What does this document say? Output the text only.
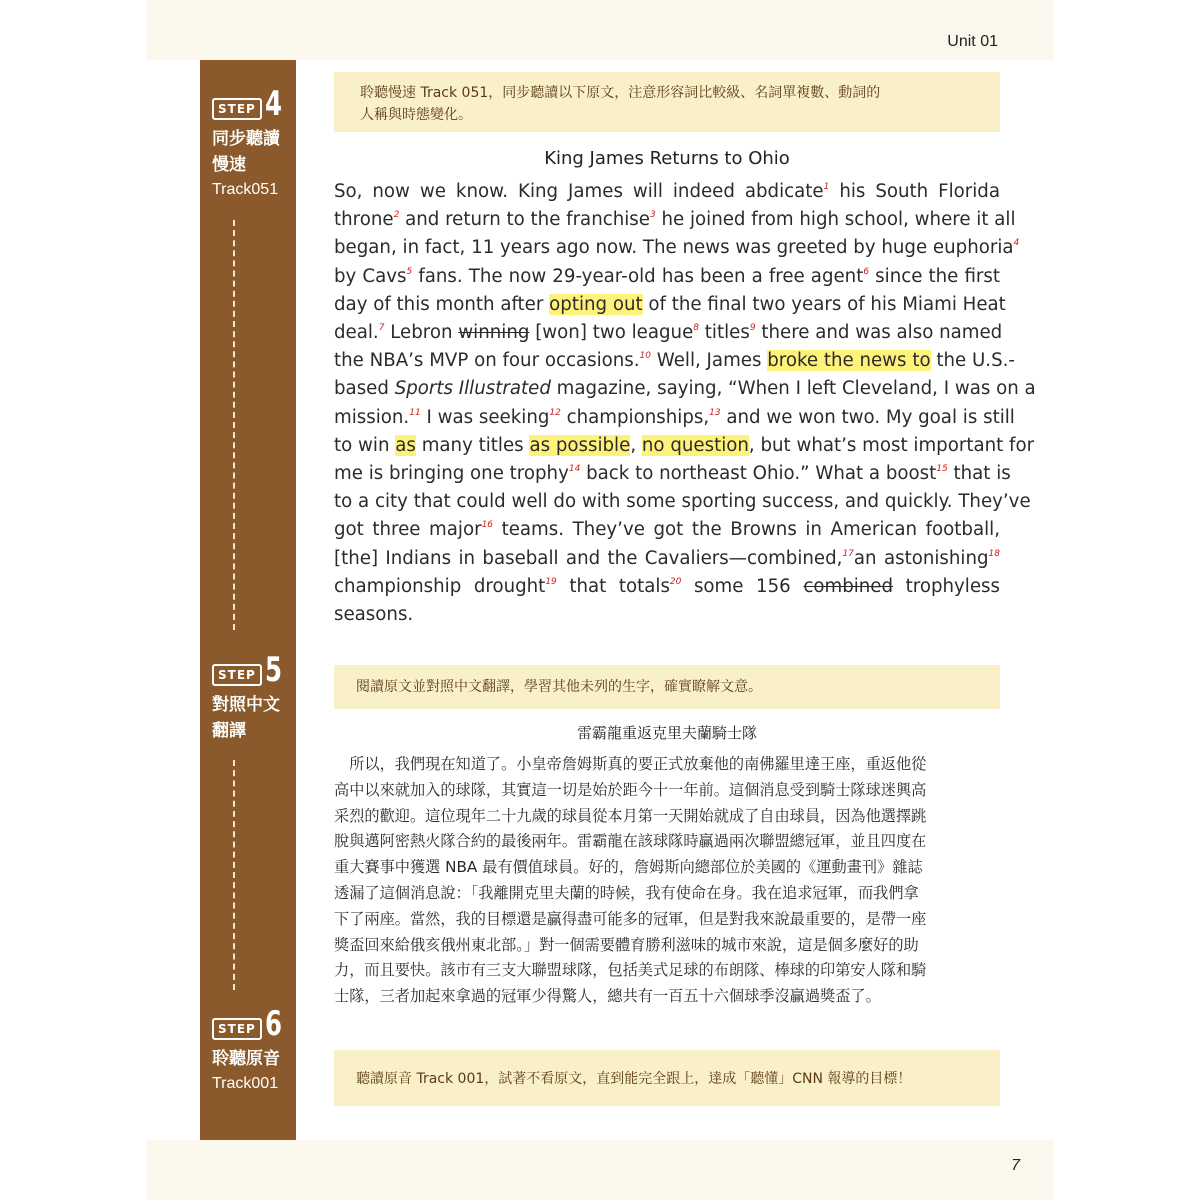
Unit 01
STEP 4
同步聽讀
慢速
Track051
STEP 5
對照中文
翻譯
STEP 6
聆聽原音
Track001
聆聽慢速 Track 051，同步聽讀以下原文，注意形容詞比較級、名詞單複數、動詞的
人稱與時態變化。
King James Returns to Ohio
So, now we know. King James will indeed abdicate$^1$ his South Florida
throne$^2$ and return to the franchise$^3$ he joined from high school, where it all
began, in fact, 11 years ago now. The news was greeted by huge euphoria$^4$
by Cavs$^5$ fans. The now 29-year-old has been a free agent$^6$ since the first
day of this month after opting out of the final two years of his Miami Heat
deal.$^7$ Lebron winning [won] two league$^8$ titles$^9$ there and was also named
the NBA’s MVP on four occasions.$^{10}$ Well, James broke the news to the U.S.-
based Sports Illustrated magazine, saying, “When I left Cleveland, I was on a
mission.$^{11}$ I was seeking$^{12}$ championships,$^{13}$ and we won two. My goal is still
to win as many titles as possible, no question, but what’s most important for
me is bringing one trophy$^{14}$ back to northeast Ohio.” What a boost$^{15}$ that is
to a city that could well do with some sporting success, and quickly. They’ve
got three major$^{16}$ teams. They’ve got the Browns in American football,
[the] Indians in baseball and the Cavaliers—combined,$^{17}$an astonishing$^{18}$
championship drought$^{19}$ that totals$^{20}$ some 156 combined trophyless
seasons.
閱讀原文並對照中文翻譯，學習其他未列的生字，確實瞭解文意。
雷霸龍重返克里夫蘭騎士隊
　所以，我們現在知道了。小皇帝詹姆斯真的要正式放棄他的南佛羅里達王座，重返他從
高中以來就加入的球隊，其實這一切是始於距今十一年前。這個消息受到騎士隊球迷興高
采烈的歡迎。這位現年二十九歲的球員從本月第一天開始就成了自由球員，因為他選擇跳
脫與邁阿密熱火隊合約的最後兩年。雷霸龍在該球隊時贏過兩次聯盟總冠軍，並且四度在
重大賽事中獲選 NBA 最有價值球員。好的，詹姆斯向總部位於美國的《運動畫刊》雜誌
透漏了這個消息說：「我離開克里夫蘭的時候，我有使命在身。我在追求冠軍，而我們拿
下了兩座。當然，我的目標還是贏得盡可能多的冠軍，但是對我來說最重要的，是帶一座
獎盃回來給俄亥俄州東北部。」對一個需要體育勝利滋味的城市來說，這是個多麼好的助
力，而且要快。該市有三支大聯盟球隊，包括美式足球的布朗隊、棒球的印第安人隊和騎
士隊，三者加起來拿過的冠軍少得驚人，總共有一百五十六個球季沒贏過獎盃了。
聽讀原音 Track 001，試著不看原文，直到能完全跟上，達成「聽懂」CNN 報導的目標！
7
